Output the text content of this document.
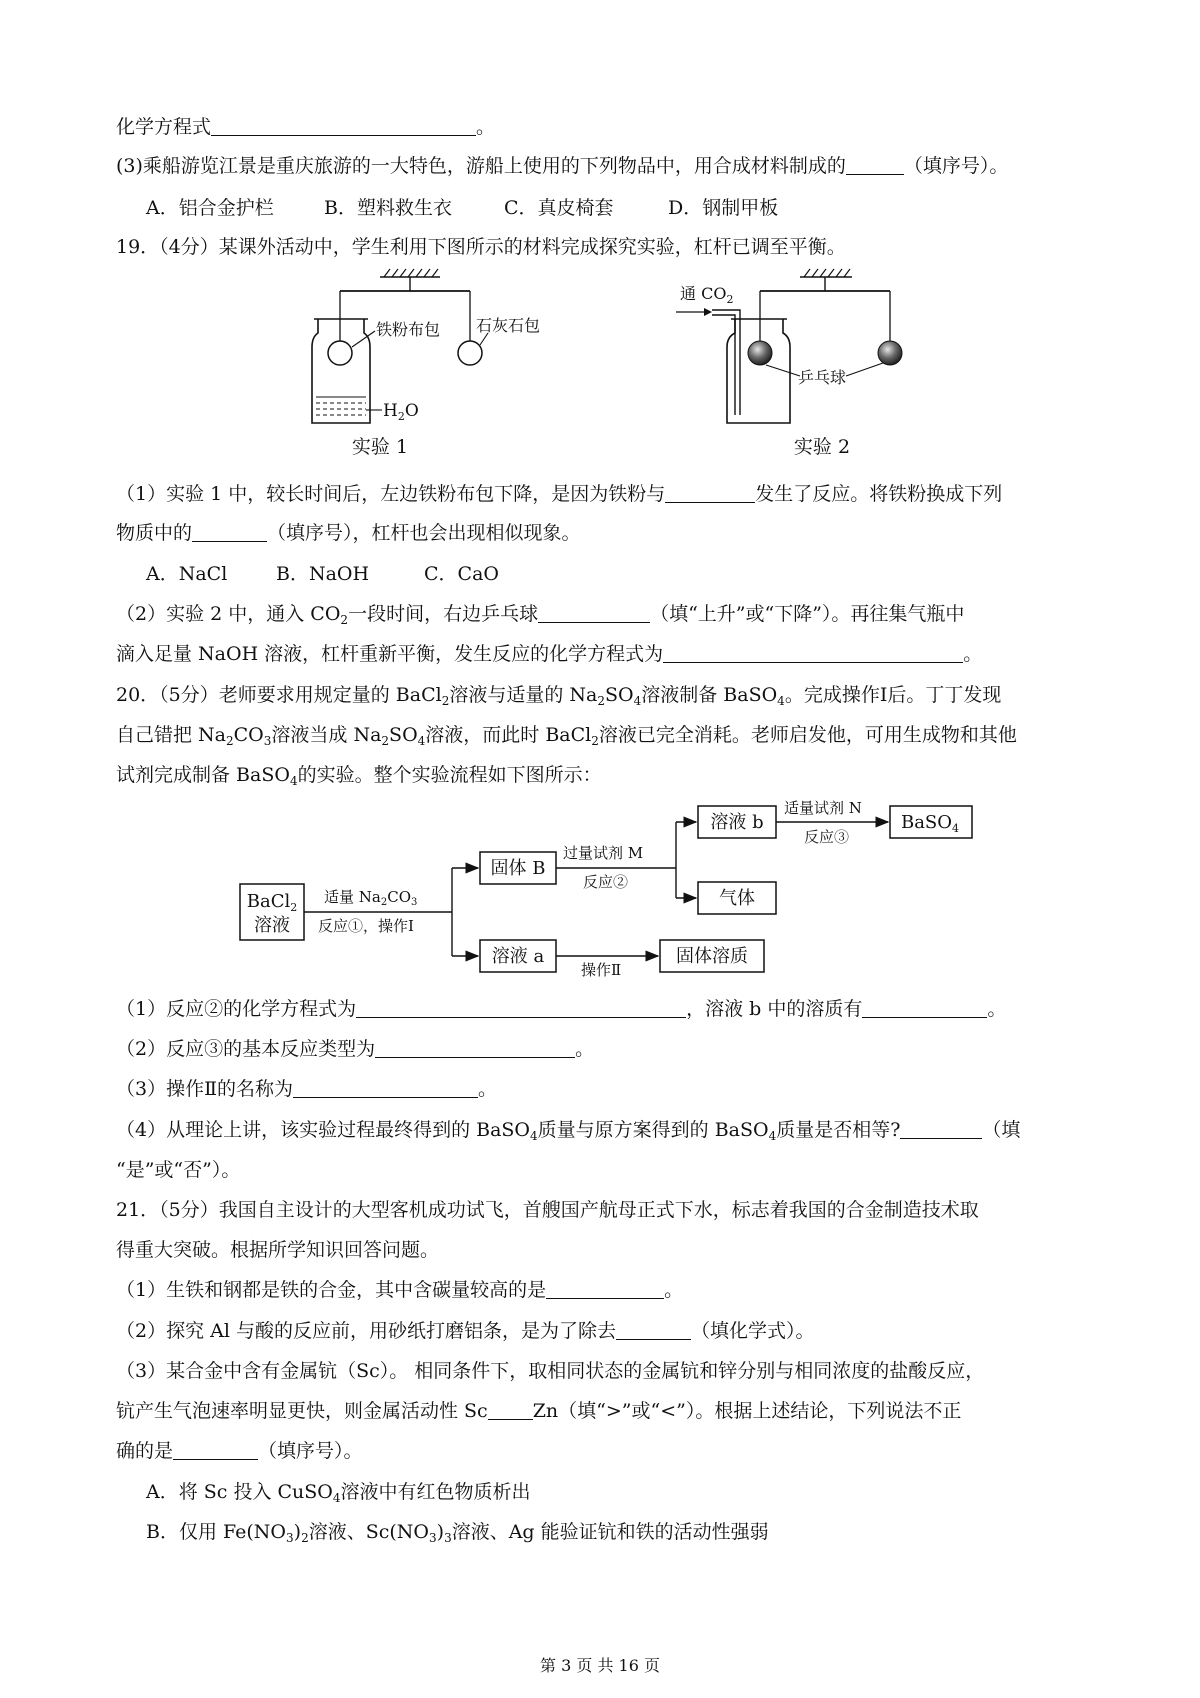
化学方程式	。
(3)乘船游览江景是重庆旅游的一大特色，游船上使用的下列物品中，用合成材料制成的	（填序号）。
A．铝合金护栏	B．塑料救生衣	C．真皮椅套	D．钢制甲板
19．（4分）某课外活动中，学生利用下图所示的材料完成探究实验，杠杆已调至平衡。
铁粉布包 石灰石包
$H_2O$
实验 1
通 $CO_2$
乒乓球
实验 2
（1）实验 1 中，较长时间后，左边铁粉布包下降，是因为铁粉与	发生了反应。将铁粉换成下列
物质中的	（填序号），杠杆也会出现相似现象。
A．NaCl	B．NaOH	C．CaO
（2）实验 2 中，通入 $CO_2$一段时间，右边乒乓球	（填“上升”或“下降”）。再往集气瓶中
滴入足量 NaOH 溶液，杠杆重新平衡，发生反应的化学方程式为	。
20．（5分）老师要求用规定量的 BaCl$_2$溶液与适量的 $Na_2SO_4$溶液制备 BaSO$_4$。完成操作Ⅰ后。丁丁发现
自己错把 $Na_2CO_3$溶液当成 $Na_2SO_4$溶液，而此时 BaCl$_2$溶液已完全消耗。老师启发他，可用生成物和其他
试剂完成制备 BaSO$_4$的实验。整个实验流程如下图所示：
BaCl$_2$
溶液
适量 $Na_2CO_3$
反应①，操作Ⅰ
固体 B
溶液 a
过量试剂 M
反应②
操作Ⅱ
溶液 b
气体
固体溶质
适量试剂 N
反应③
BaSO$_4$
（1）反应②的化学方程式为	，溶液 b 中的溶质有	。
（2）反应③的基本反应类型为	。
（3）操作Ⅱ的名称为	。
（4）从理论上讲，该实验过程最终得到的 BaSO$_4$质量与原方案得到的 BaSO$_4$质量是否相等?	（填
“是”或“否”）。
21．（5分）我国自主设计的大型客机成功试飞，首艘国产航母正式下水，标志着我国的合金制造技术取
得重大突破。根据所学知识回答问题。
（1）生铁和钢都是铁的合金，其中含碳量较高的是	。
（2）探究 Al 与酸的反应前，用砂纸打磨铝条，是为了除去	（填化学式）。
（3）某合金中含有金属钪（Sc）。 相同条件下，取相同状态的金属钪和锌分别与相同浓度的盐酸反应，
钪产生气泡速率明显更快，则金属活动性 Sc Zn（填“>”或“<”）。根据上述结论，下列说法不正
确的是	（填序号）。
A．将 Sc 投入 CuSO$_4$溶液中有红色物质析出
B．仅用 $Fe(NO_3)_2$溶液、$Sc(NO_3)_3$溶液、Ag 能验证钪和铁的活动性强弱
第 3 页 共 16 页
